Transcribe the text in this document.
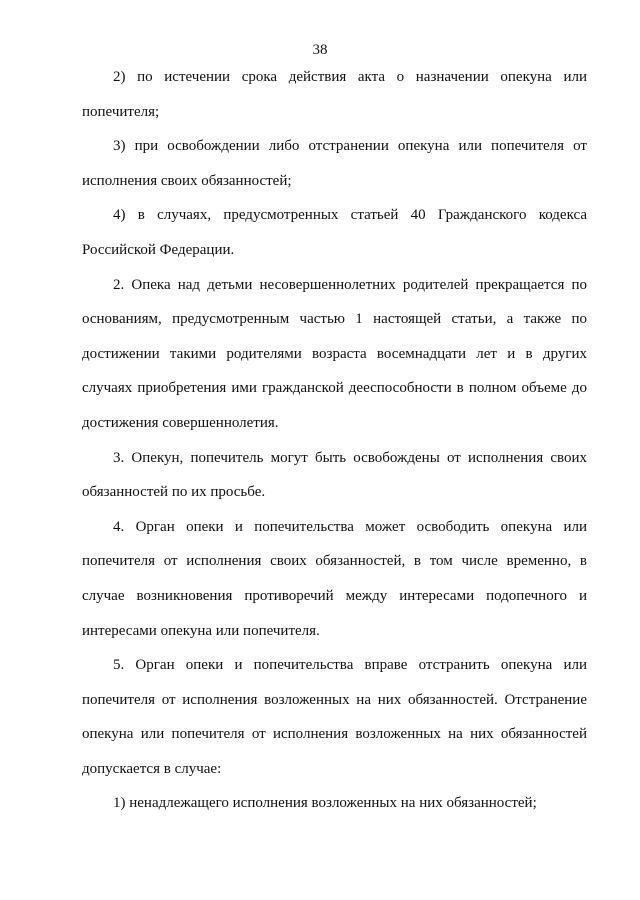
38

2) по истечении срока действия акта о назначении опекуна или попечителя;

3) при освобождении либо отстранении опекуна или попечителя от исполнения своих обязанностей;

4) в случаях, предусмотренных статьей 40 Гражданского кодекса Российской Федерации.

2. Опека над детьми несовершеннолетних родителей прекращается по основаниям, предусмотренным частью 1 настоящей статьи, а также по достижении такими родителями возраста восемнадцати лет и в других случаях приобретения ими гражданской дееспособности в полном объеме до достижения совершеннолетия.

3. Опекун, попечитель могут быть освобождены от исполнения своих обязанностей по их просьбе.

4. Орган опеки и попечительства может освободить опекуна или попечителя от исполнения своих обязанностей, в том числе временно, в случае возникновения противоречий между интересами подопечного и интересами опекуна или попечителя.

5. Орган опеки и попечительства вправе отстранить опекуна или попечителя от исполнения возложенных на них обязанностей. Отстранение опекуна или попечителя от исполнения возложенных на них обязанностей допускается в случае:

1) ненадлежащего исполнения возложенных на них обязанностей;
